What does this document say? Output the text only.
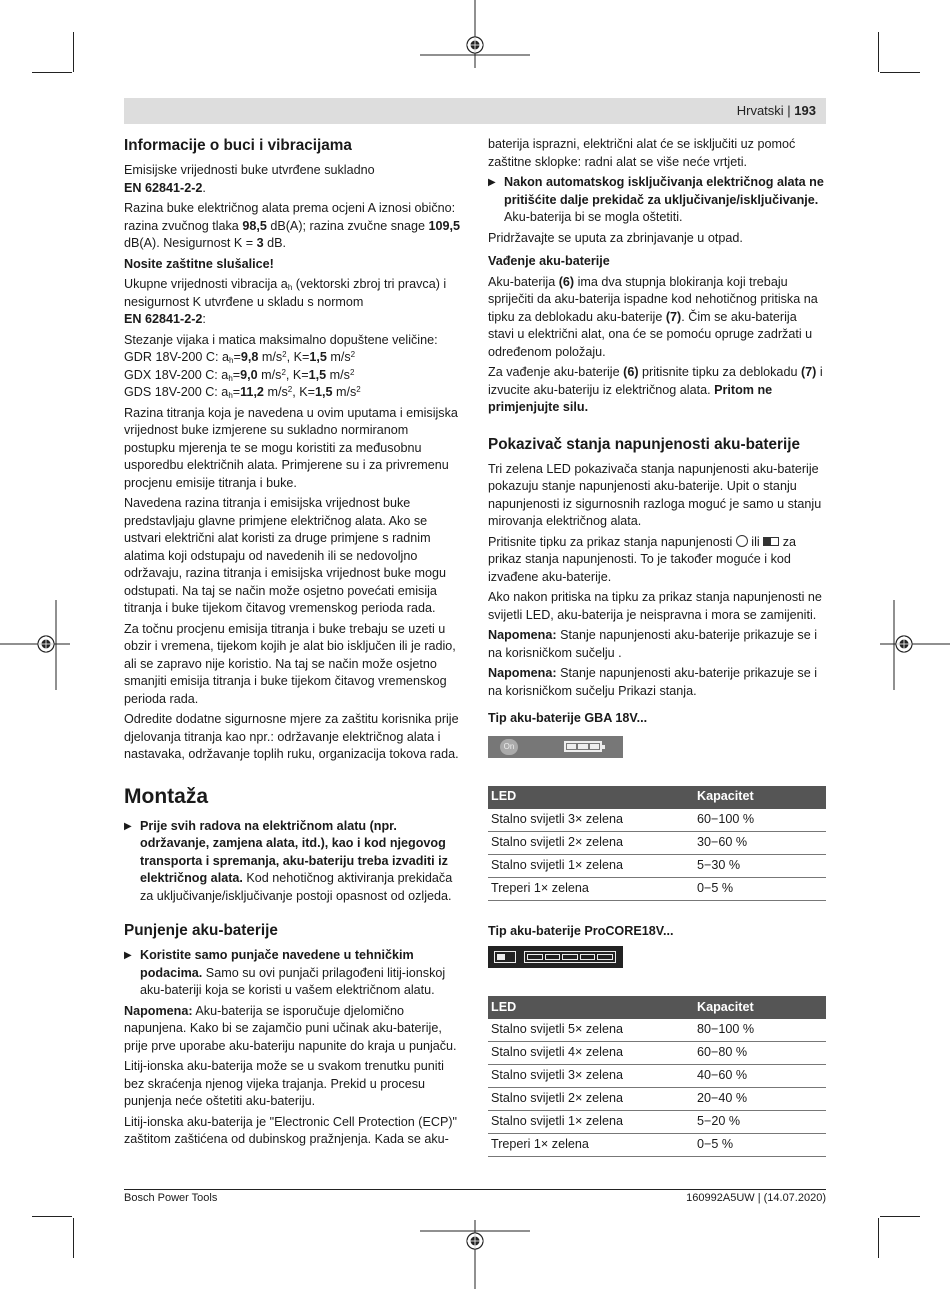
Hrvatski | 193
Informacije o buci i vibracijama

Emisijske vrijednosti buke utvrđene sukladno
EN 62841-2-2.

Razina buke električnog alata prema ocjeni A iznosi obično: razina zvučnog tlaka 98,5 dB(A); razina zvučne snage 109,5 dB(A). Nesigurnost K = 3 dB.

Nosite zaštitne slušalice!

Ukupne vrijednosti vibracija $a_h$ (vektorski zbroj tri pravca) i nesigurnost K utvrđene u skladu s normom
EN 62841-2-2:

Stezanje vijaka i matica maksimalno dopuštene veličine:

GDR 18V-200 C: $a_h=9,8$ $m/s^2$, K=1,5 $m/s^2$

GDX 18V-200 C: $a_h=9,0$ $m/s^2$, K=1,5 $m/s^2$

GDS 18V-200 C: $a_h=11,2$ $m/s^2$, K=1,5 $m/s^2$

Razina titranja koja je navedena u ovim uputama i emisijska vrijednost buke izmjerene su sukladno normiranom postupku mjerenja te se mogu koristiti za međusobnu usporedbu električnih alata. Primjerene su i za privremenu procjenu emisije titranja i buke.

Navedena razina titranja i emisijska vrijednost buke predstavljaju glavne primjene električnog alata. Ako se ustvari električni alat koristi za druge primjene s radnim alatima koji odstupaju od navedenih ili se nedovoljno održavaju, razina titranja i emisijska vrijednost buke mogu odstupati. Na taj se način može osjetno povećati emisija titranja i buke tijekom čitavog vremenskog perioda rada.

Za točnu procjenu emisija titranja i buke trebaju se uzeti u obzir i vremena, tijekom kojih je alat bio isključen ili je radio, ali se zapravo nije koristio. Na taj se način može osjetno smanjiti emisija titranja i buke tijekom čitavog vremenskog perioda rada.

Odredite dodatne sigurnosne mjere za zaštitu korisnika prije djelovanja titranja kao npr.: održavanje električnog alata i nastavaka, održavanje toplih ruku, organizacija tokova rada.

Montaža

▶ Prije svih radova na električnom alatu (npr. održavanje, zamjena alata, itd.), kao i kod njegovog transporta i spremanja, aku-bateriju treba izvaditi iz električnog alata. Kod nehotičnog aktiviranja prekidača za uključivanje/isključivanje postoji opasnost od ozljeda.

Punjenje aku-baterije

▶ Koristite samo punjače navedene u tehničkim podacima. Samo su ovi punjači prilagođeni litij-ionskoj aku-bateriji koja se koristi u vašem električnom alatu.

Napomena: Aku-baterija se isporučuje djelomično napunjena. Kako bi se zajamčio puni učinak aku-baterije, prije prve uporabe aku-bateriju napunite do kraja u punjaču.

Litij-ionska aku-baterija može se u svakom trenutku puniti bez skraćenja njenog vijeka trajanja. Prekid u procesu punjenja neće oštetiti aku-bateriju.

Litij-ionska aku-baterija je "Electronic Cell Protection (ECP)" zaštitom zaštićena od dubinskog pražnjenja. Kada se aku-

baterija isprazni, električni alat će se isključiti uz pomoć zaštitne sklopke: radni alat se više neće vrtjeti.

▶ Nakon automatskog isključivanja električnog alata ne pritišćite dalje prekidač za uključivanje/isključivanje. Aku-baterija bi se mogla oštetiti.

Pridržavajte se uputa za zbrinjavanje u otpad.

Vađenje aku-baterije

Aku-baterija (6) ima dva stupnja blokiranja koji trebaju spriječiti da aku-baterija ispadne kod nehotičnog pritiska na tipku za deblokadu aku-baterije (7). Čim se aku-baterija stavi u električni alat, ona će se pomoću opruge zadržati u određenom položaju.

Za vađenje aku-baterije (6) pritisnite tipku za deblokadu (7) i izvucite aku-bateriju iz električnog alata. Pritom ne primjenjujte silu.

Pokazivač stanja napunjenosti aku-baterije

Tri zelena LED pokazivača stanja napunjenosti aku-baterije pokazuju stanje napunjenosti aku-baterije. Upit o stanju napunjenosti iz sigurnosnih razloga moguć je samo u stanju mirovanja električnog alata.

Pritisnite tipku za prikaz stanja napunjenosti  ili  za prikaz stanja napunjenosti. To je također moguće i kod izvađene aku-baterije.

Ako nakon pritiska na tipku za prikaz stanja napunjenosti ne svijetli LED, aku-baterija je neispravna i mora se zamijeniti.

Napomena: Stanje napunjenosti aku-baterije prikazuje se i na korisničkom sučelju .

Napomena: Stanje napunjenosti aku-baterije prikazuje se i na korisničkom sučelju Prikazi stanja.

Tip aku-baterije GBA 18V...
On
LED	Kapacitet
Stalno svijetli 3× zelena	60−100 %
Stalno svijetli 2× zelena	30−60 %
Stalno svijetli 1× zelena	5−30 %
Treperi 1× zelena	0−5 %
Tip aku-baterije ProCORE18V...
LED	Kapacitet
Stalno svijetli 5× zelena	80−100 %
Stalno svijetli 4× zelena	60−80 %
Stalno svijetli 3× zelena	40−60 %
Stalno svijetli 2× zelena	20−40 %
Stalno svijetli 1× zelena	5−20 %
Treperi 1× zelena	0−5 %
Bosch Power Tools	160992A5UW | (14.07.2020)
